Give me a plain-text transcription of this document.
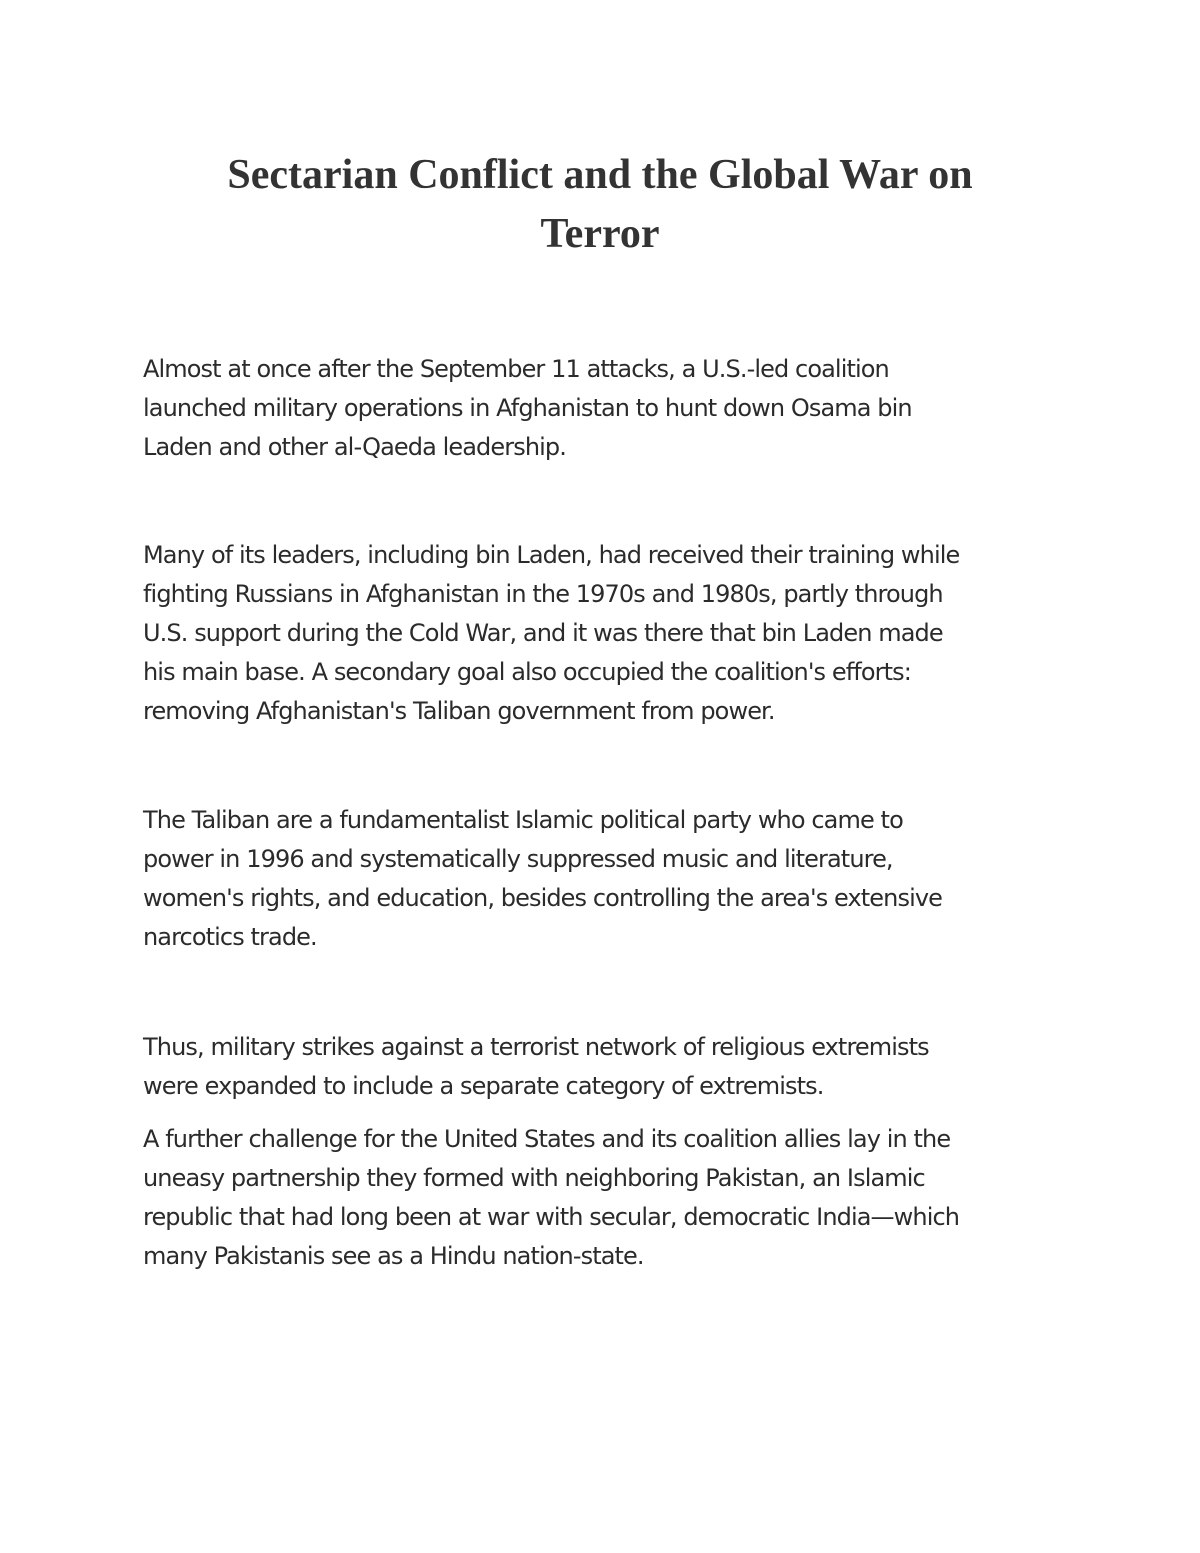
Sectarian Conflict and the Global War on
Terror

Almost at once after the September 11 attacks, a U.S.-led coalition
launched military operations in Afghanistan to hunt down Osama bin
Laden and other al-Qaeda leadership.

Many of its leaders, including bin Laden, had received their training while
fighting Russians in Afghanistan in the 1970s and 1980s, partly through
U.S. support during the Cold War, and it was there that bin Laden made
his main base. A secondary goal also occupied the coalition's efforts:
removing Afghanistan's Taliban government from power.

The Taliban are a fundamentalist Islamic political party who came to
power in 1996 and systematically suppressed music and literature,
women's rights, and education, besides controlling the area's extensive
narcotics trade.

Thus, military strikes against a terrorist network of religious extremists
were expanded to include a separate category of extremists.

A further challenge for the United States and its coalition allies lay in the
uneasy partnership they formed with neighboring Pakistan, an Islamic
republic that had long been at war with secular, democratic India—which
many Pakistanis see as a Hindu nation-state.
